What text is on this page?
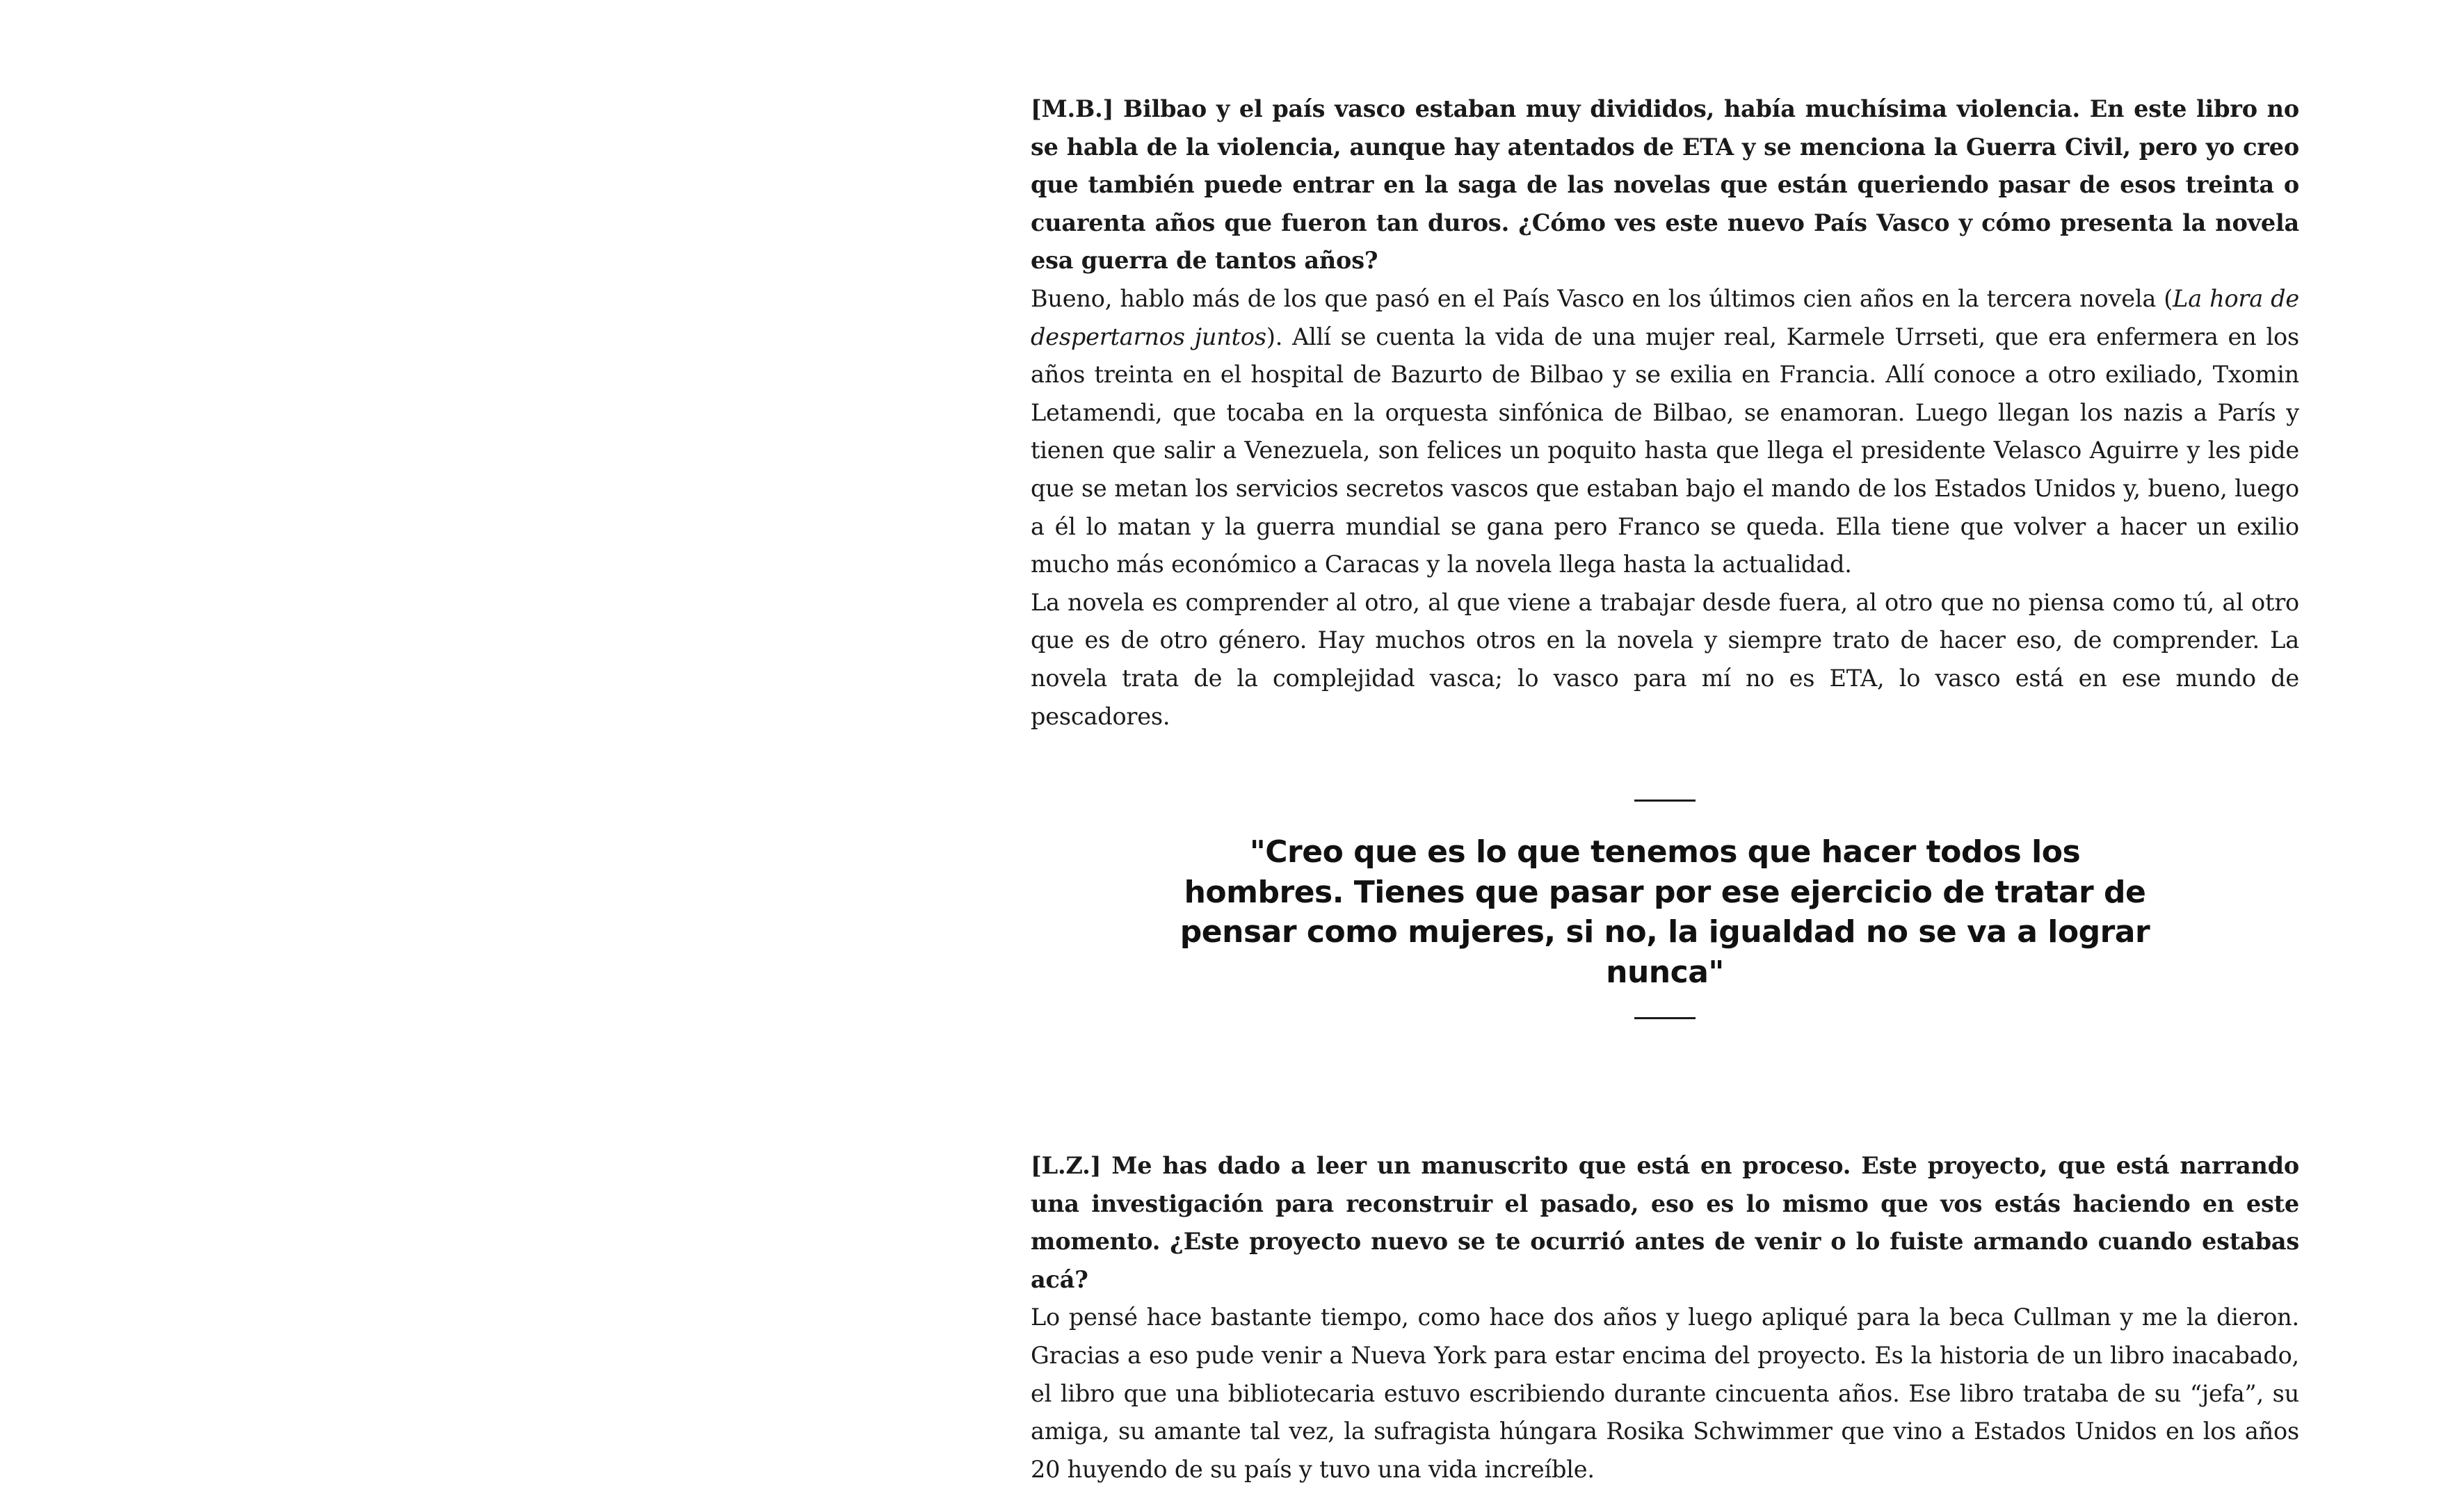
[M.B.] Bilbao y el país vasco estaban muy divididos, había muchísima violencia. En este libro no se habla de la violencia, aunque hay atentados de ETA y se menciona la Guerra Civil, pero yo creo que también puede entrar en la saga de las novelas que están queriendo pasar de esos treinta o cuarenta años que fueron tan duros. ¿Cómo ves este nuevo País Vasco y cómo presenta la novela esa guerra de tantos años?

Bueno, hablo más de los que pasó en el País Vasco en los últimos cien años en la tercera novela (La hora de despertarnos juntos). Allí se cuenta la vida de una mujer real, Karmele Urrseti, que era enfermera en los años treinta en el hospital de Bazurto de Bilbao y se exilia en Francia. Allí conoce a otro exiliado, Txomin Letamendi, que tocaba en la orquesta sinfónica de Bilbao, se enamoran. Luego llegan los nazis a París y tienen que salir a Venezuela, son felices un poquito hasta que llega el presidente Velasco Aguirre y les pide que se metan los servicios secretos vascos que estaban bajo el mando de los Estados Unidos y, bueno, luego a él lo matan y la guerra mundial se gana pero Franco se queda. Ella tiene que volver a hacer un exilio mucho más económico a Caracas y la novela llega hasta la actualidad.

La novela es comprender al otro, al que viene a trabajar desde fuera, al otro que no piensa como tú, al otro que es de otro género. Hay muchos otros en la novela y siempre trato de hacer eso, de comprender. La novela trata de la complejidad vasca; lo vasco para mí no es ETA, lo vasco está en ese mundo de pescadores.

"Creo que es lo que tenemos que hacer todos los hombres. Tienes que pasar por ese ejercicio de tratar de pensar como mujeres, si no, la igualdad no se va a lograr nunca"

[L.Z.] Me has dado a leer un manuscrito que está en proceso. Este proyecto, que está narrando una investigación para reconstruir el pasado, eso es lo mismo que vos estás haciendo en este momento. ¿Este proyecto nuevo se te ocurrió antes de venir o lo fuiste armando cuando estabas acá?

Lo pensé hace bastante tiempo, como hace dos años y luego apliqué para la beca Cullman y me la dieron. Gracias a eso pude venir a Nueva York para estar encima del proyecto. Es la historia de un libro inacabado, el libro que una bibliotecaria estuvo escribiendo durante cincuenta años. Ese libro trataba de su “jefa”, su amiga, su amante tal vez, la sufragista húngara Rosika Schwimmer que vino a Estados Unidos en los años 20 huyendo de su país y tuvo una vida increíble.
